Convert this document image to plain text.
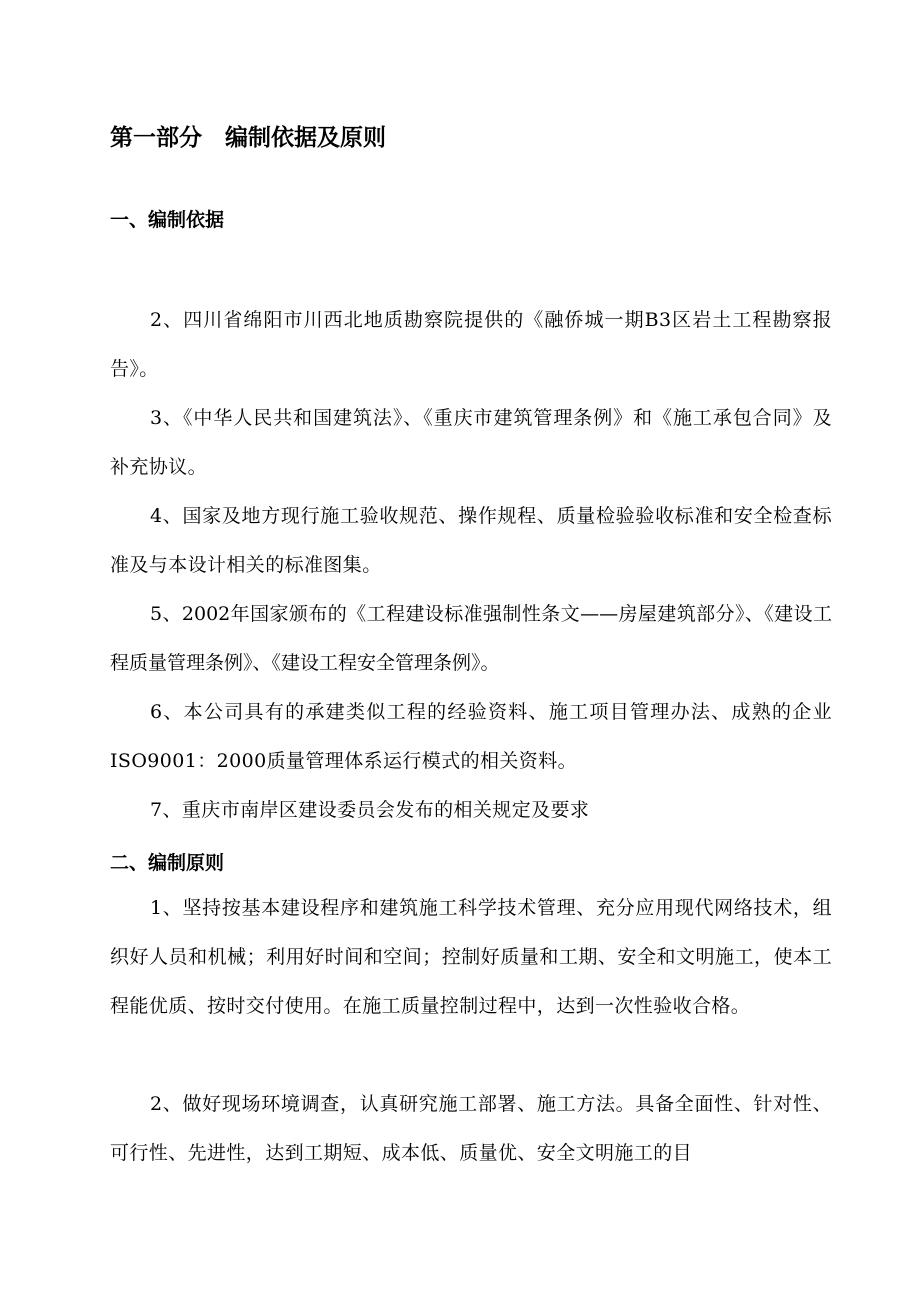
第一部分　编制依据及原则
一、编制依据

2、四川省绵阳市川西北地质勘察院提供的《融侨城一期B3区岩土工程勘察报告》。

3、《中华人民共和国建筑法》、《重庆市建筑管理条例》和《施工承包合同》及补充协议。

4、国家及地方现行施工验收规范、操作规程、质量检验验收标准和安全检查标准及与本设计相关的标准图集。

5、2002年国家颁布的《工程建设标准强制性条文——房屋建筑部分》、《建设工程质量管理条例》、《建设工程安全管理条例》。

6、本公司具有的承建类似工程的经验资料、施工项目管理办法、成熟的企业ISO9001：2000质量管理体系运行模式的相关资料。

7、重庆市南岸区建设委员会发布的相关规定及要求

二、编制原则

1、坚持按基本建设程序和建筑施工科学技术管理、充分应用现代网络技术，组织好人员和机械；利用好时间和空间；控制好质量和工期、安全和文明施工，使本工程能优质、按时交付使用。在施工质量控制过程中，达到一次性验收合格。

2、做好现场环境调查，认真研究施工部署、施工方法。具备全面性、针对性、可行性、先进性，达到工期短、成本低、质量优、安全文明施工的目
